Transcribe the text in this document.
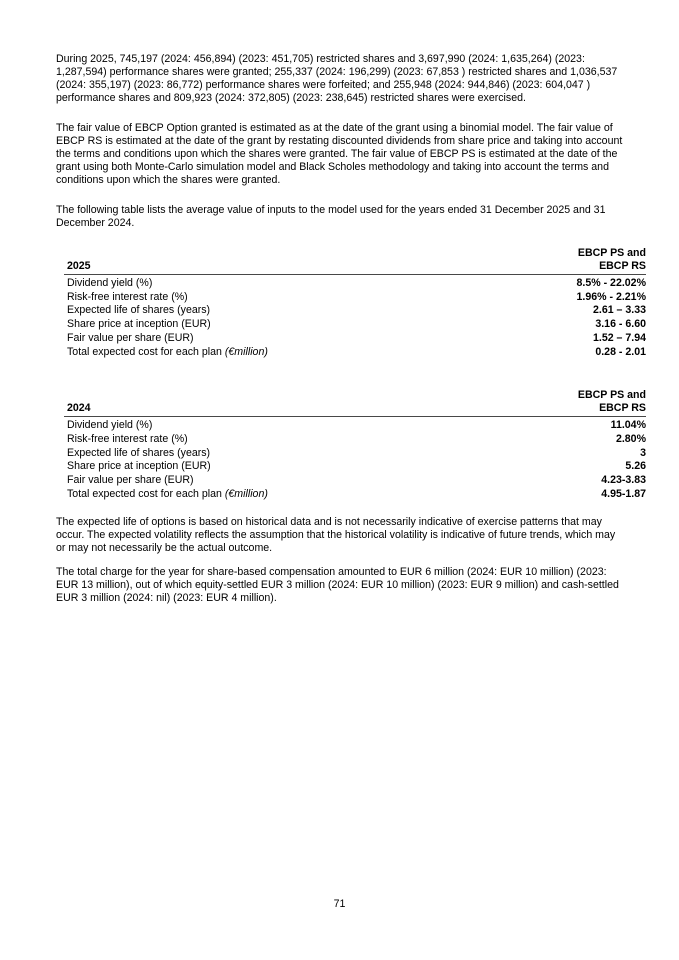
During 2025, 745,197 (2024: 456,894) (2023: 451,705) restricted shares and 3,697,990 (2024: 1,635,264) (2023: 1,287,594) performance shares were granted; 255,337 (2024: 196,299) (2023: 67,853 ) restricted shares and 1,036,537 (2024: 355,197) (2023: 86,772) performance shares were forfeited; and 255,948 (2024: 944,846) (2023: 604,047 ) performance shares and 809,923 (2024: 372,805) (2023: 238,645) restricted shares were exercised.

The fair value of EBCP Option granted is estimated as at the date of the grant using a binomial model. The fair value of EBCP RS is estimated at the date of the grant by restating discounted dividends from share price and taking into account the terms and conditions upon which the shares were granted. The fair value of EBCP PS is estimated at the date of the grant using both Monte-Carlo simulation model and Black Scholes methodology and taking into account the terms and conditions upon which the shares were granted.

The following table lists the average value of inputs to the model used for the years ended 31 December 2025 and 31 December 2024.

EBCP PS and
2025	EBCP RS
Dividend yield (%)	8.5% - 22.02%
Risk-free interest rate (%)	1.96% - 2.21%
Expected life of shares (years)	2.61 – 3.33
Share price at inception (EUR)	3.16 - 6.60
Fair value per share (EUR)	1.52 – 7.94
Total expected cost for each plan (€million)	0.28 - 2.01
EBCP PS and
2024	EBCP RS
Dividend yield (%)	11.04%
Risk-free interest rate (%)	2.80%
Expected life of shares (years)	3
Share price at inception (EUR)	5.26
Fair value per share (EUR)	4.23-3.83
Total expected cost for each plan (€million)	4.95-1.87

The expected life of options is based on historical data and is not necessarily indicative of exercise patterns that may occur. The expected volatility reflects the assumption that the historical volatility is indicative of future trends, which may or may not necessarily be the actual outcome.

The total charge for the year for share-based compensation amounted to EUR 6 million (2024: EUR 10 million) (2023: EUR 13 million), out of which equity-settled EUR 3 million (2024: EUR 10 million) (2023: EUR 9 million) and cash-settled EUR 3 million (2024: nil) (2023: EUR 4 million).

71
